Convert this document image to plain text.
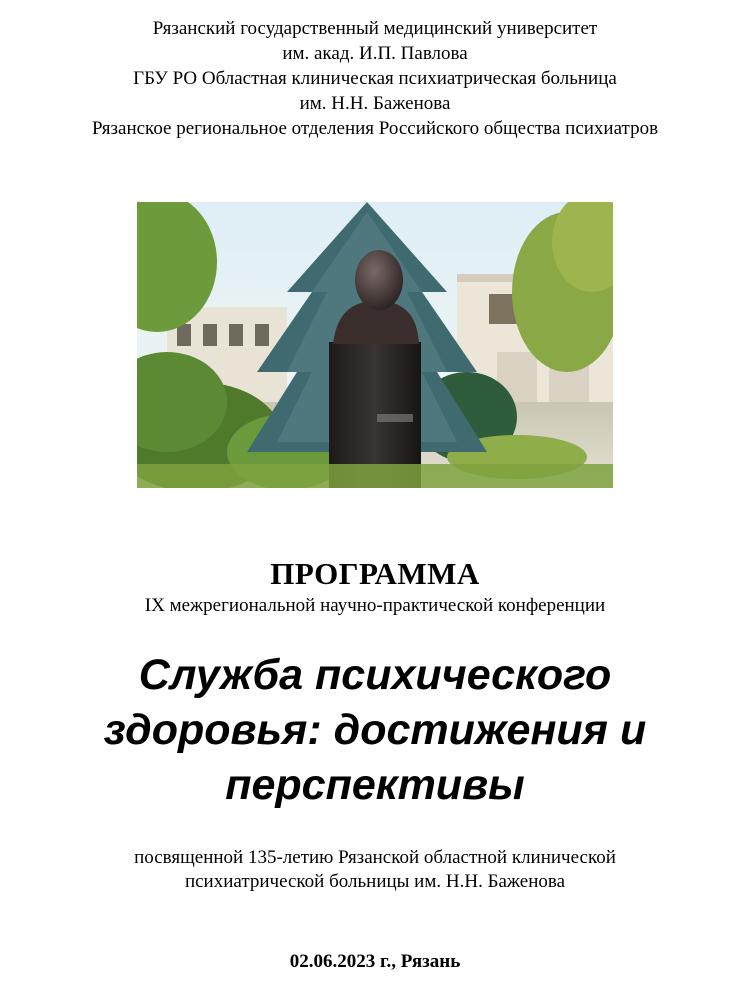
Рязанский государственный медицинский университет
им. акад. И.П. Павлова
ГБУ РО Областная клиническая психиатрическая больница
им. Н.Н. Баженова
Рязанское региональное отделения Российского общества психиатров
ПРОГРАММА
IX межрегиональной научно-практической конференции
Служба психического
здоровья: достижения и
перспективы
посвященной 135-летию Рязанской областной клинической
психиатрической больницы им. Н.Н. Баженова
02.06.2023 г., Рязань
